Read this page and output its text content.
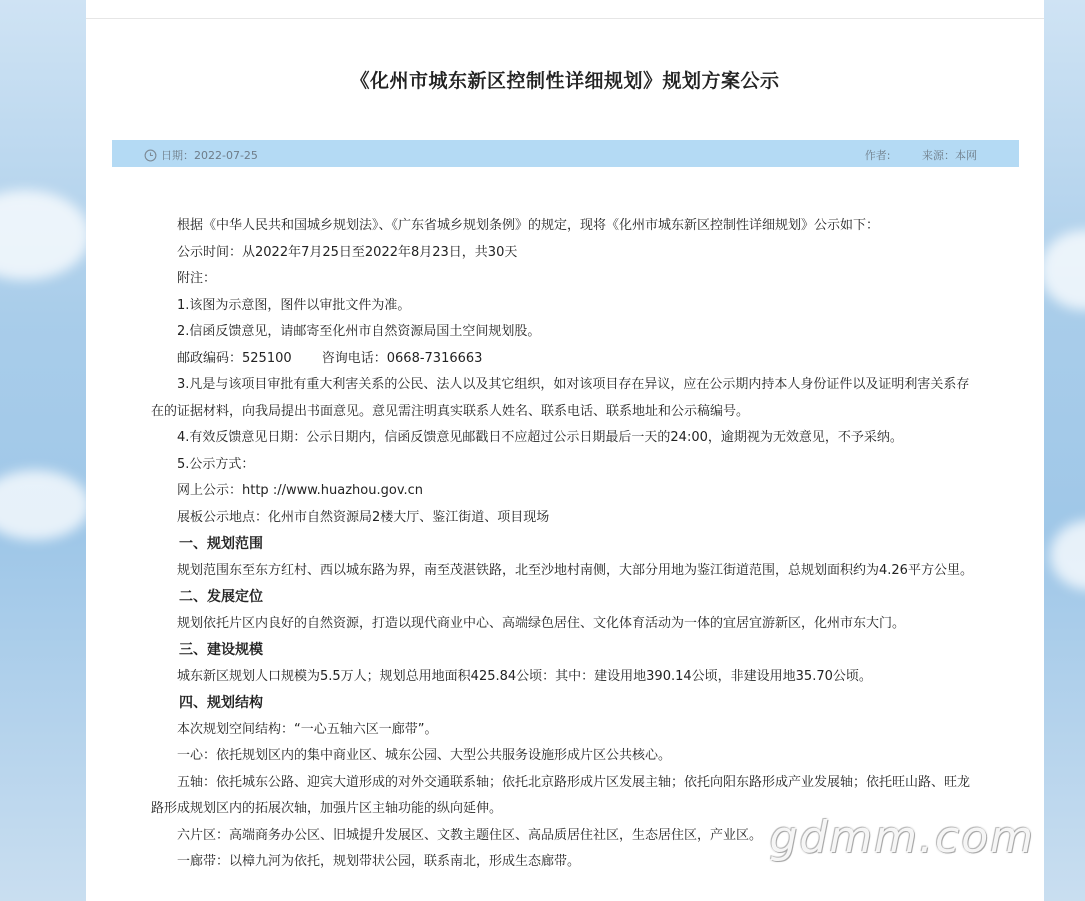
《化州市城东新区控制性详细规划》规划方案公示
日期：2022-07-25	作者:	来源：本网

根据《中华人民共和国城乡规划法》、《广东省城乡规划条例》的规定，现将《化州市城东新区控制性详细规划》公示如下：

公示时间：从2022年7月25日至2022年8月23日，共30天

附注：

1.该图为示意图，图件以审批文件为准。

2.信函反馈意见，请邮寄至化州市自然资源局国土空间规划股。

邮政编码：525100　　 咨询电话：0668-7316663

3.凡是与该项目审批有重大利害关系的公民、法人以及其它组织，如对该项目存在异议，应在公示期内持本人身份证件以及证明利害关系存在的证据材料，向我局提出书面意见。意见需注明真实联系人姓名、联系电话、联系地址和公示稿编号。

4.有效反馈意见日期：公示日期内，信函反馈意见邮戳日不应超过公示日期最后一天的24:00，逾期视为无效意见，不予采纳。

5.公示方式：

网上公示：http ://www.huazhou.gov.cn

展板公示地点：化州市自然资源局2楼大厅、鉴江街道、项目现场

一、规划范围

规划范围东至东方红村、西以城东路为界，南至茂湛铁路，北至沙地村南侧，大部分用地为鉴江街道范围，总规划面积约为4.26平方公里。

二、发展定位

规划依托片区内良好的自然资源，打造以现代商业中心、高端绿色居住、文化体育活动为一体的宜居宜游新区，化州市东大门。

三、建设规模

城东新区规划人口规模为5.5万人；规划总用地面积425.84公顷：其中：建设用地390.14公顷，非建设用地35.70公顷。

四、规划结构

本次规划空间结构：“一心五轴六区一廊带”。

一心：依托规划区内的集中商业区、城东公园、大型公共服务设施形成片区公共核心。

五轴：依托城东公路、迎宾大道形成的对外交通联系轴；依托北京路形成片区发展主轴；依托向阳东路形成产业发展轴；依托旺山路、旺龙路形成规划区内的拓展次轴，加强片区主轴功能的纵向延伸。

六片区：高端商务办公区、旧城提升发展区、文教主题住区、高品质居住社区，生态居住区，产业区。

一廊带：以樟九河为依托，规划带状公园，联系南北，形成生态廊带。	gdmm.com
